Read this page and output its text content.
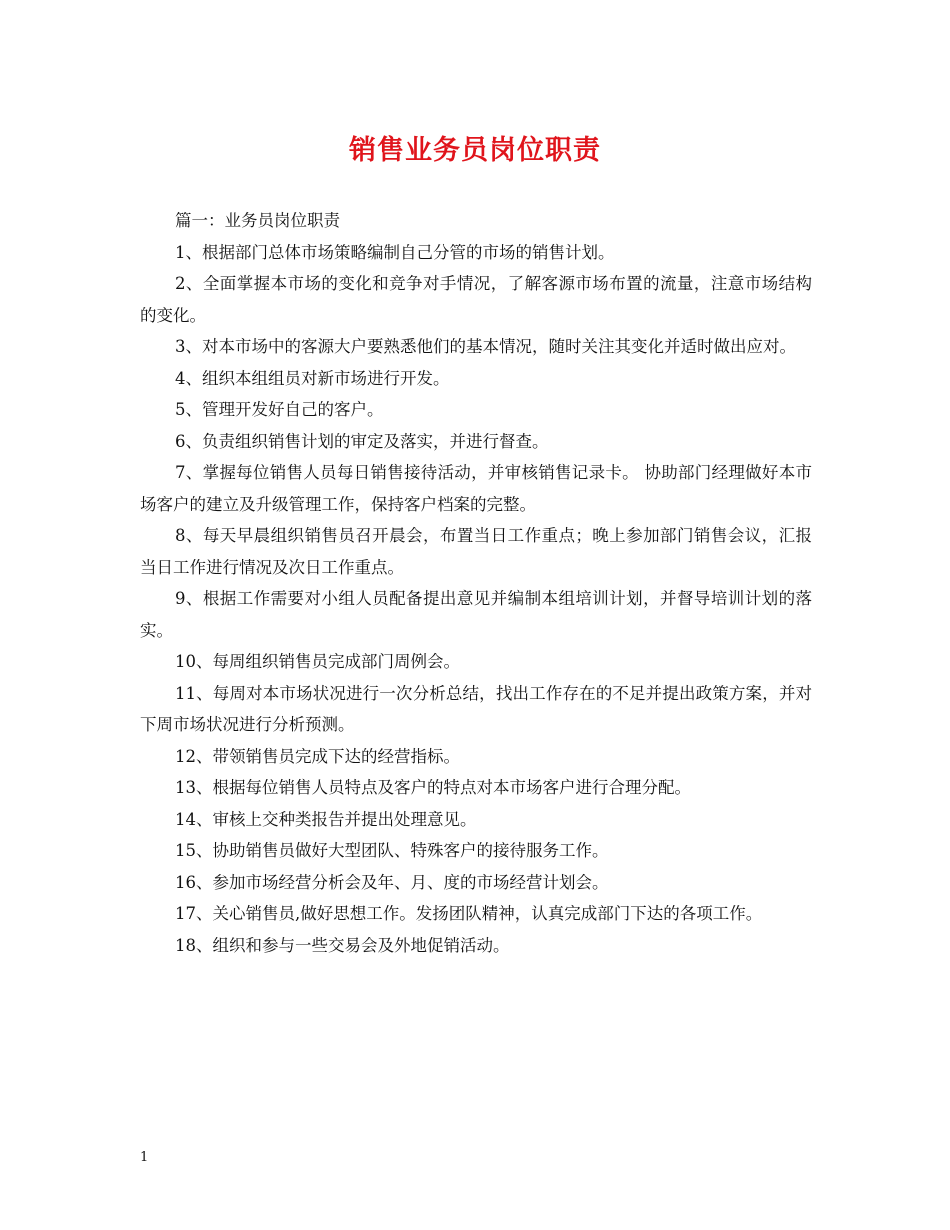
销售业务员岗位职责

篇一：业务员岗位职责

1、根据部门总体市场策略编制自己分管的市场的销售计划。

2、全面掌握本市场的变化和竞争对手情况，了解客源市场布置的流量，注意市场结构的变化。

3、对本市场中的客源大户要熟悉他们的基本情况，随时关注其变化并适时做出应对。

4、组织本组组员对新市场进行开发。

5、管理开发好自己的客户。

6、负责组织销售计划的审定及落实，并进行督查。

7、掌握每位销售人员每日销售接待活动，并审核销售记录卡。 协助部门经理做好本市场客户的建立及升级管理工作，保持客户档案的完整。

8、每天早晨组织销售员召开晨会，布置当日工作重点；晚上参加部门销售会议，汇报当日工作进行情况及次日工作重点。

9、根据工作需要对小组人员配备提出意见并编制本组培训计划，并督导培训计划的落实。

10、每周组织销售员完成部门周例会。

11、每周对本市场状况进行一次分析总结，找出工作存在的不足并提出政策方案，并对下周市场状况进行分析预测。

12、带领销售员完成下达的经营指标。

13、根据每位销售人员特点及客户的特点对本市场客户进行合理分配。

14、审核上交种类报告并提出处理意见。

15、协助销售员做好大型团队、特殊客户的接待服务工作。

16、参加市场经营分析会及年、月、度的市场经营计划会。

17、关心销售员,做好思想工作。发扬团队精神，认真完成部门下达的各项工作。

18、组织和参与一些交易会及外地促销活动。

1
